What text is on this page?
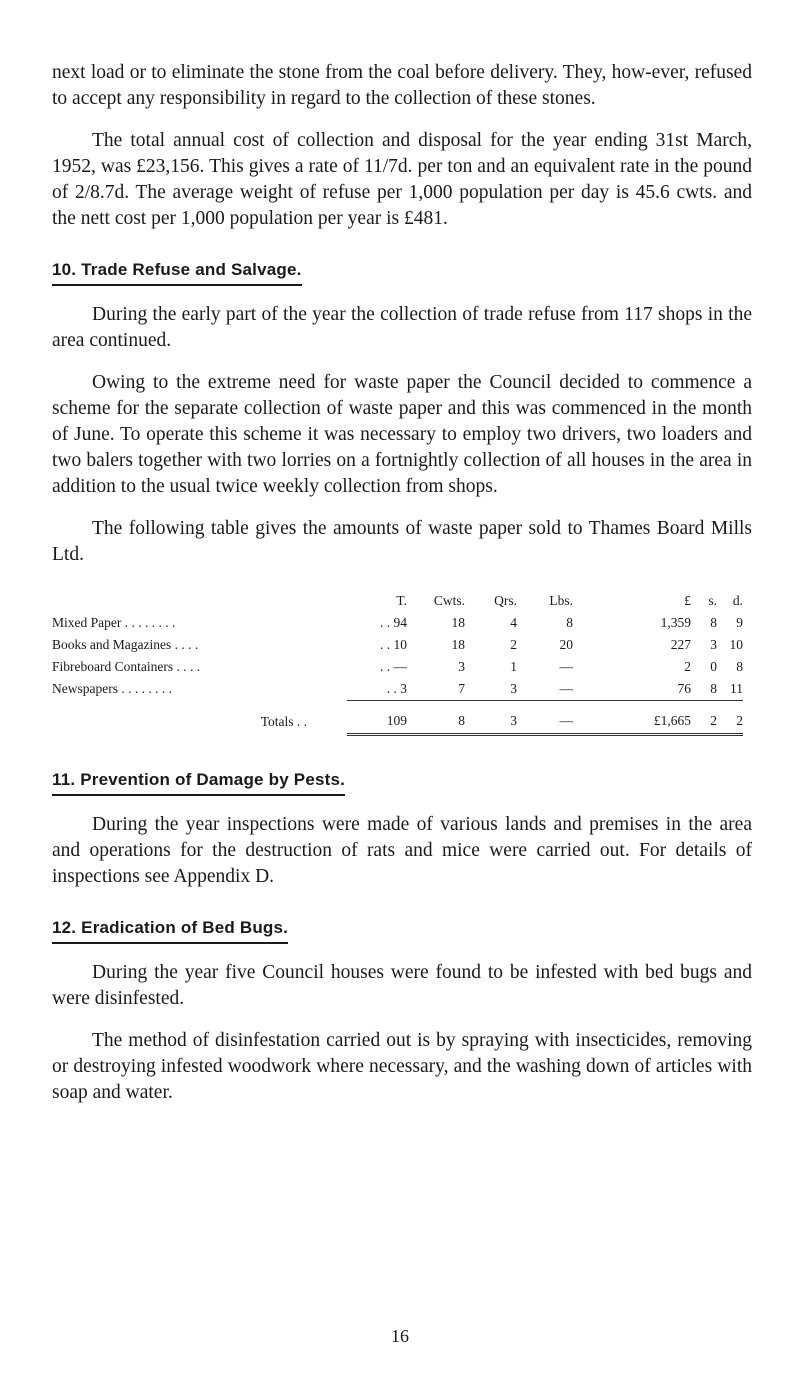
next load or to eliminate the stone from the coal before delivery. They, how-ever, refused to accept any responsibility in regard to the collection of these stones.

The total annual cost of collection and disposal for the year ending 31st March, 1952, was £23,156. This gives a rate of 11/7d. per ton and an equivalent rate in the pound of 2/8.7d. The average weight of refuse per 1,000 population per day is 45.6 cwts. and the nett cost per 1,000 population per year is £481.

10. Trade Refuse and Salvage.

During the early part of the year the collection of trade refuse from 117 shops in the area continued.

Owing to the extreme need for waste paper the Council decided to commence a scheme for the separate collection of waste paper and this was commenced in the month of June. To operate this scheme it was necessary to employ two drivers, two loaders and two balers together with two lorries on a fortnightly collection of all houses in the area in addition to the usual twice weekly collection from shops.

The following table gives the amounts of waste paper sold to Thames Board Mills Ltd.

	T.	Cwts.	Qrs.	Lbs.	£	s.	d.
Mixed Paper . . . . . . . .	. . 94	18	4	8	1,359	8	9
Books and Magazines . . . .	. . 10	18	2	20	227	3	10
Fibreboard Containers . . . .	. . —	3	1	—	2	0	8
Newspapers . . . . . . . .	. . 3	7	3	—	76	8	11
Totals . .	109	8	3	—	£1,665	2	2
11. Prevention of Damage by Pests.

During the year inspections were made of various lands and premises in the area and operations for the destruction of rats and mice were carried out. For details of inspections see Appendix D.

12. Eradication of Bed Bugs.

During the year five Council houses were found to be infested with bed bugs and were disinfested.

The method of disinfestation carried out is by spraying with insecticides, removing or destroying infested woodwork where necessary, and the washing down of articles with soap and water.

16
